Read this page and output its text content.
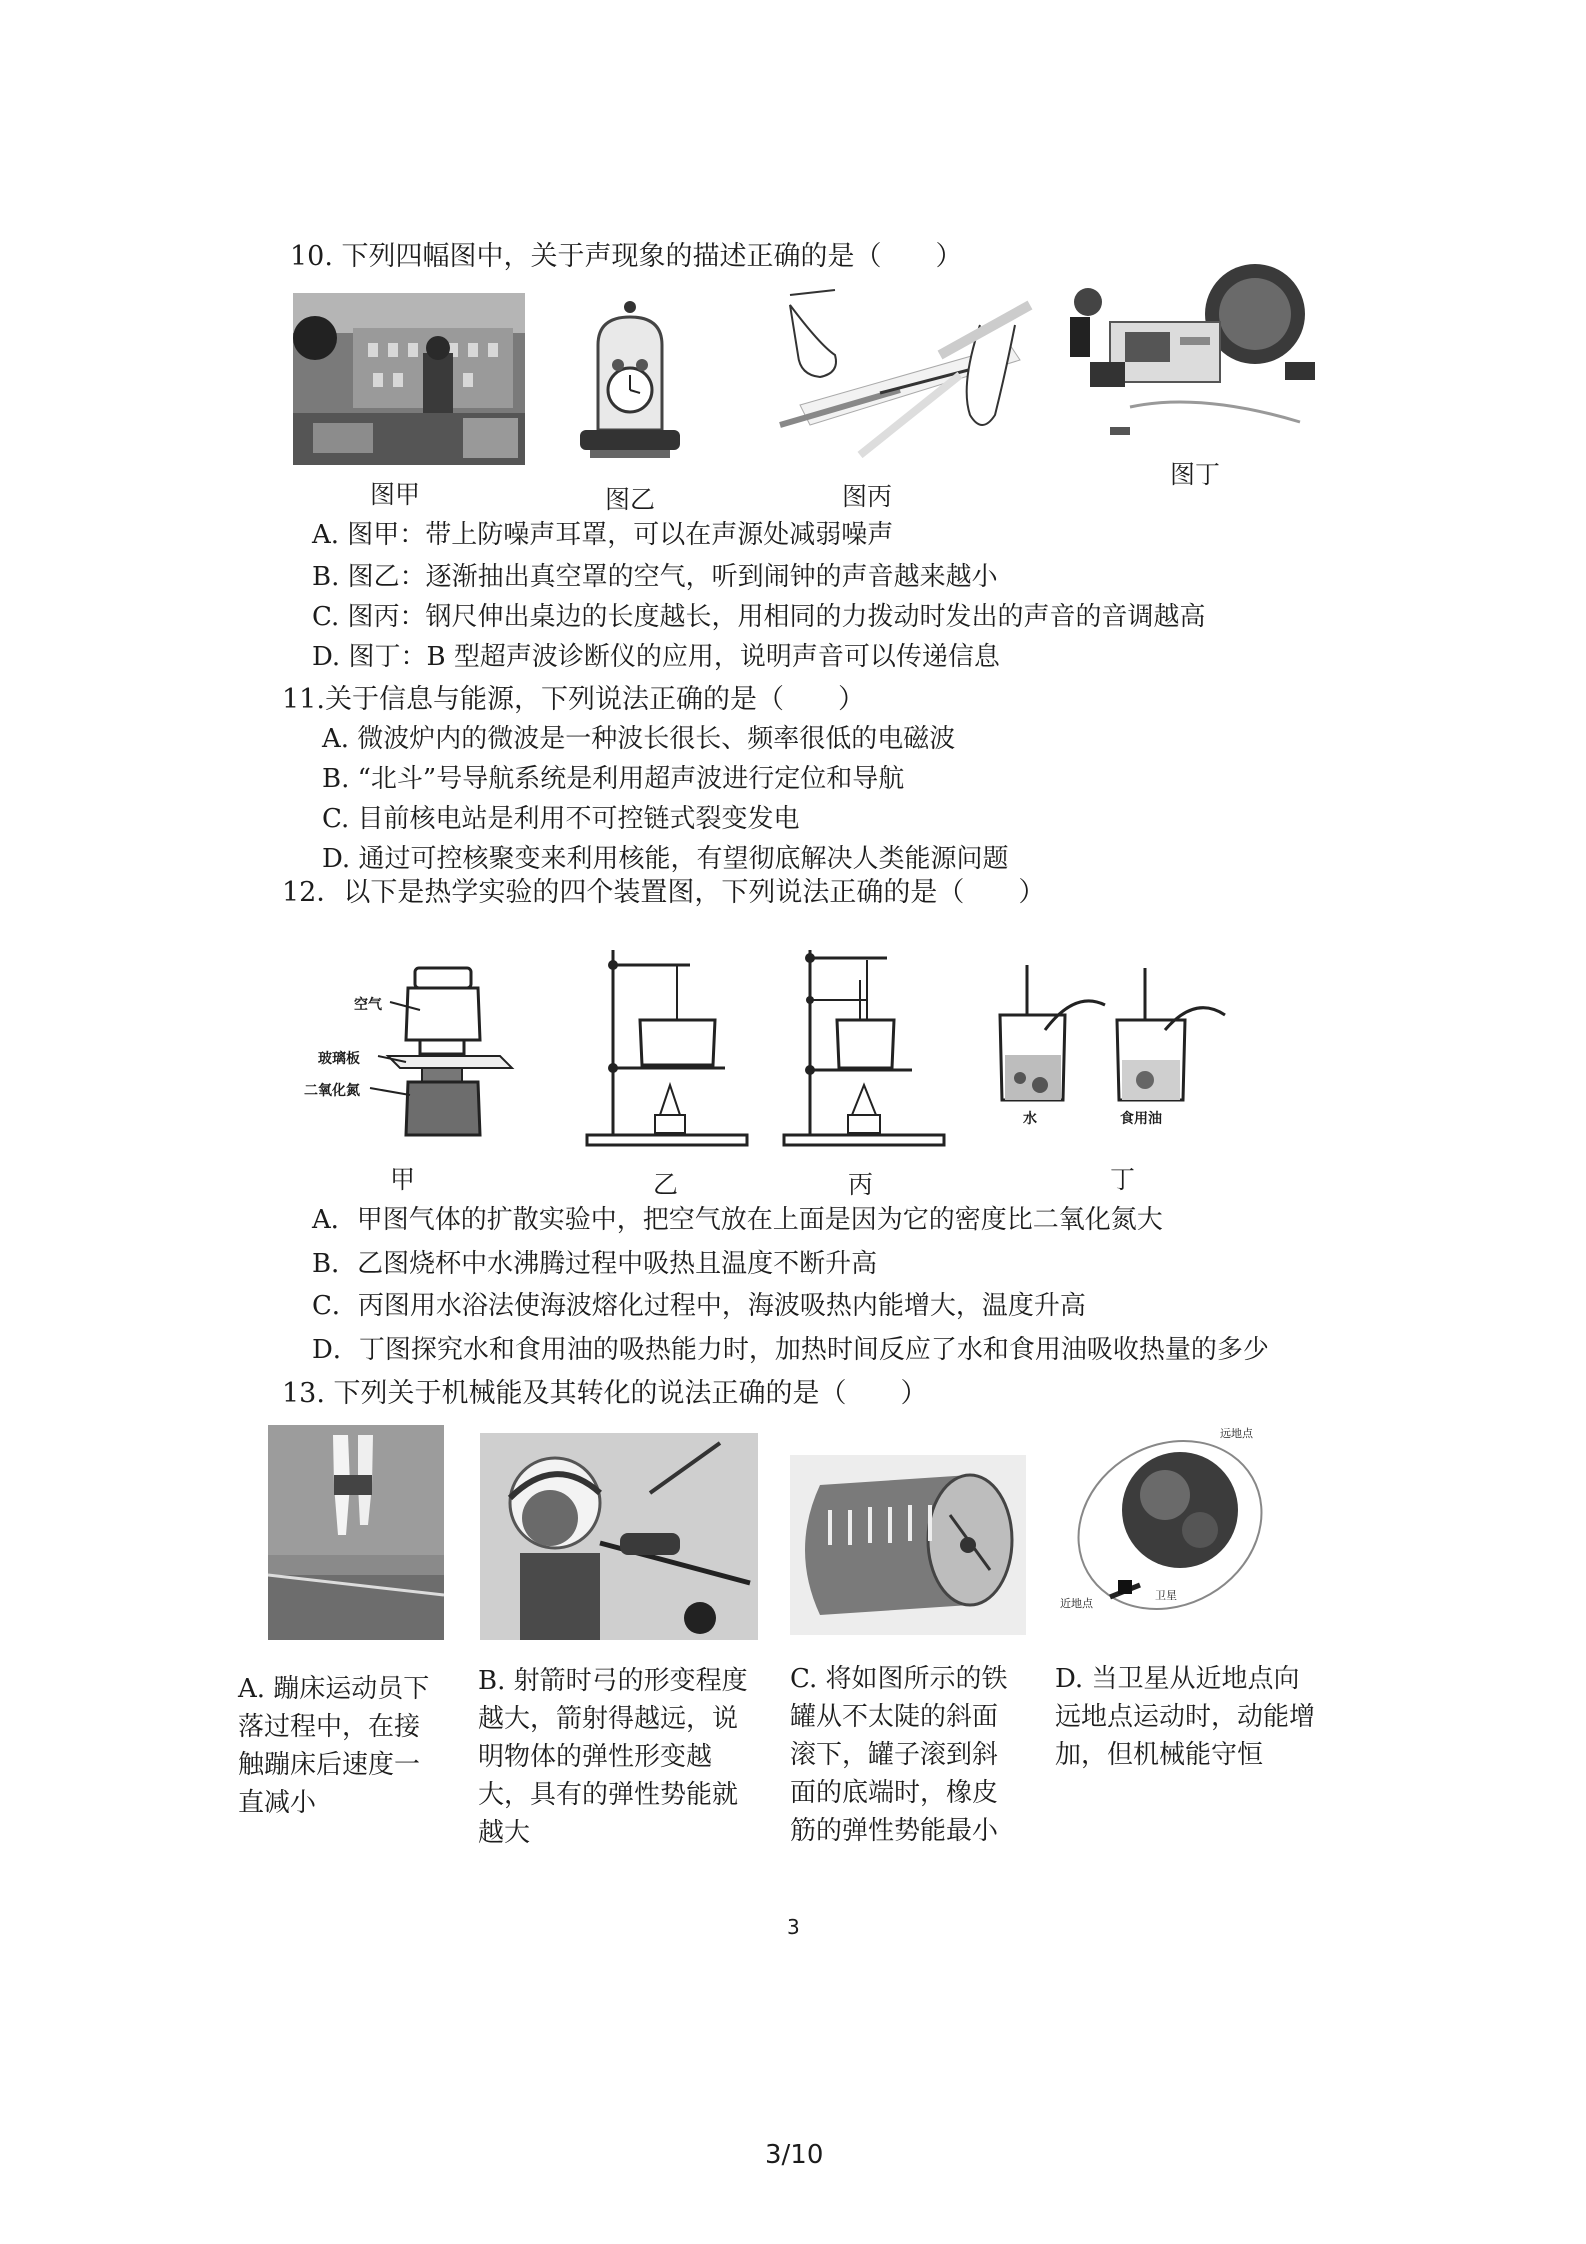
10. 下列四幅图中，关于声现象的描述正确的是（　　）
图甲	图乙	图丙
图丁
A. 图甲：带上防噪声耳罩，可以在声源处减弱噪声
B. 图乙：逐渐抽出真空罩的空气，听到闹钟的声音越来越小
C. 图丙：钢尺伸出桌边的长度越长，用相同的力拨动时发出的声音的音调越高
D. 图丁：B 型超声波诊断仪的应用，说明声音可以传递信息
11.关于信息与能源，下列说法正确的是（　　）
A. 微波炉内的微波是一种波长很长、频率很低的电磁波
B. “北斗”号导航系统是利用超声波进行定位和导航
C. 目前核电站是利用不可控链式裂变发电
D. 通过可控核聚变来利用核能，有望彻底解决人类能源问题
12．以下是热学实验的四个装置图，下列说法正确的是（　　）
空气
玻璃板
二氧化氮
水	食用油
甲	乙	丙	丁
A．甲图气体的扩散实验中，把空气放在上面是因为它的密度比二氧化氮大
B．乙图烧杯中水沸腾过程中吸热且温度不断升高
C．丙图用水浴法使海波熔化过程中，海波吸热内能增大，温度升高
D．丁图探究水和食用油的吸热能力时，加热时间反应了水和食用油吸收热量的多少
13. 下列关于机械能及其转化的说法正确的是（　　）
远地点
近地点
卫星
A. 蹦床运动员下落过程中，在接触蹦床后速度一直减小
B. 射箭时弓的形变程度越大，箭射得越远，说明物体的弹性形变越大，具有的弹性势能就越大
C. 将如图所示的铁罐从不太陡的斜面滚下，罐子滚到斜面的底端时，橡皮筋的弹性势能最小
D. 当卫星从近地点向远地点运动时，动能增加，但机械能守恒
3
3/10
